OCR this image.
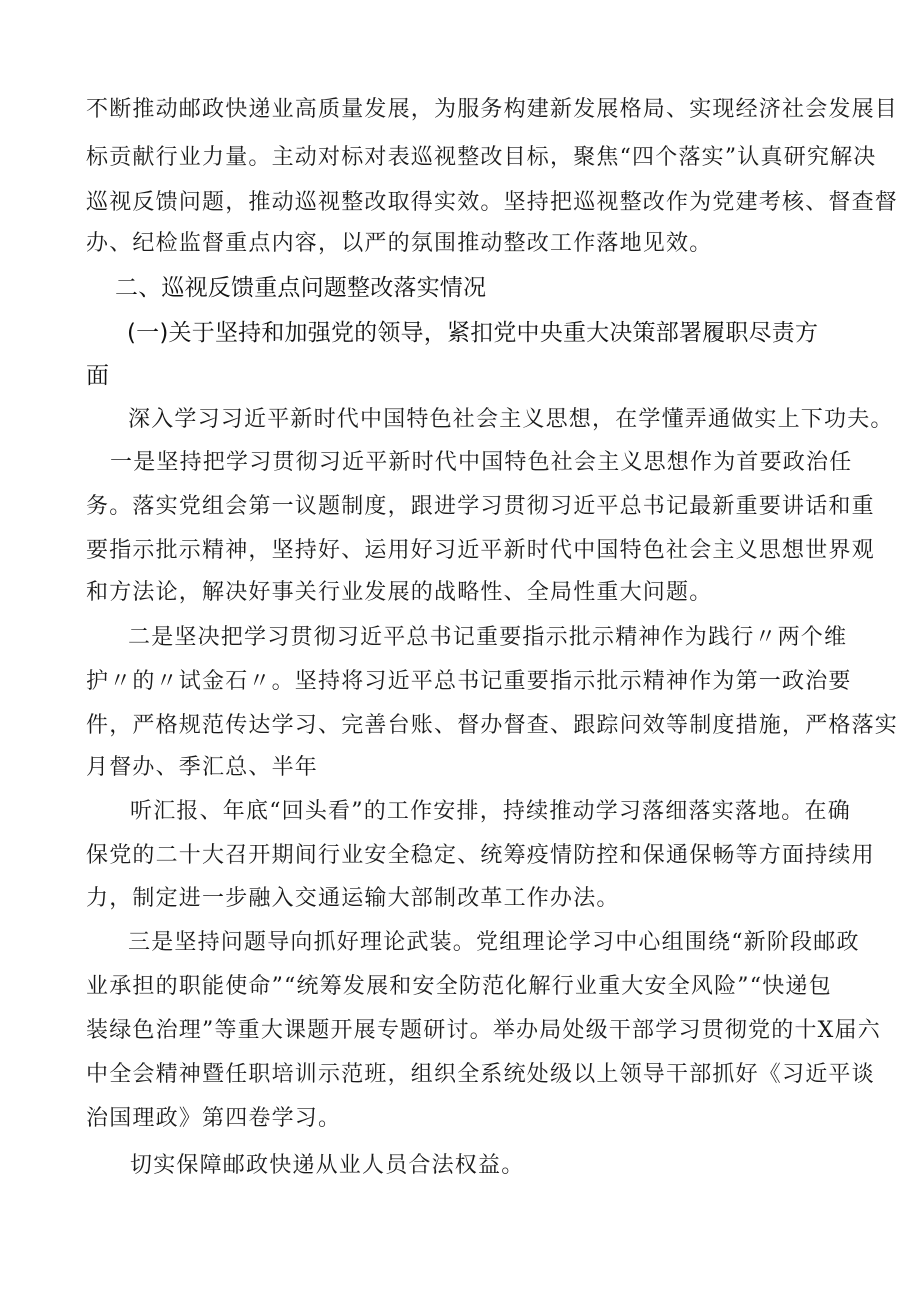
不断推动邮政快递业高质量发展，为服务构建新发展格局、实现经济社会发展目
标贡献行业力量。主动对标对表巡视整改目标，聚焦“四个落实”认真研究解决
巡视反馈问题，推动巡视整改取得实效。坚持把巡视整改作为党建考核、督查督
办、纪检监督重点内容，以严的氛围推动整改工作落地见效。
二、巡视反馈重点问题整改落实情况
(一)关于坚持和加强党的领导，紧扣党中央重大决策部署履职尽责方
面
深入学习习近平新时代中国特色社会主义思想，在学懂弄通做实上下功夫。
一是坚持把学习贯彻习近平新时代中国特色社会主义思想作为首要政治任
务。落实党组会第一议题制度，跟进学习贯彻习近平总书记最新重要讲话和重
要指示批示精神，坚持好、运用好习近平新时代中国特色社会主义思想世界观
和方法论，解决好事关行业发展的战略性、全局性重大问题。
二是坚决把学习贯彻习近平总书记重要指示批示精神作为践行〃两个维
护〃的〃试金石〃。坚持将习近平总书记重要指示批示精神作为第一政治要
件，严格规范传达学习、完善台账、督办督查、跟踪问效等制度措施，严格落实
月督办、季汇总、半年
听汇报、年底“回头看”的工作安排，持续推动学习落细落实落地。在确
保党的二十大召开期间行业安全稳定、统筹疫情防控和保通保畅等方面持续用
力，制定进一步融入交通运输大部制改革工作办法。
三是坚持问题导向抓好理论武装。党组理论学习中心组围绕“新阶段邮政
业承担的职能使命”“统筹发展和安全防范化解行业重大安全风险”“快递包
装绿色治理”等重大课题开展专题研讨。举办局处级干部学习贯彻党的十X届六
中全会精神暨任职培训示范班，组织全系统处级以上领导干部抓好《习近平谈
治国理政》第四卷学习。
切实保障邮政快递从业人员合法权益。
